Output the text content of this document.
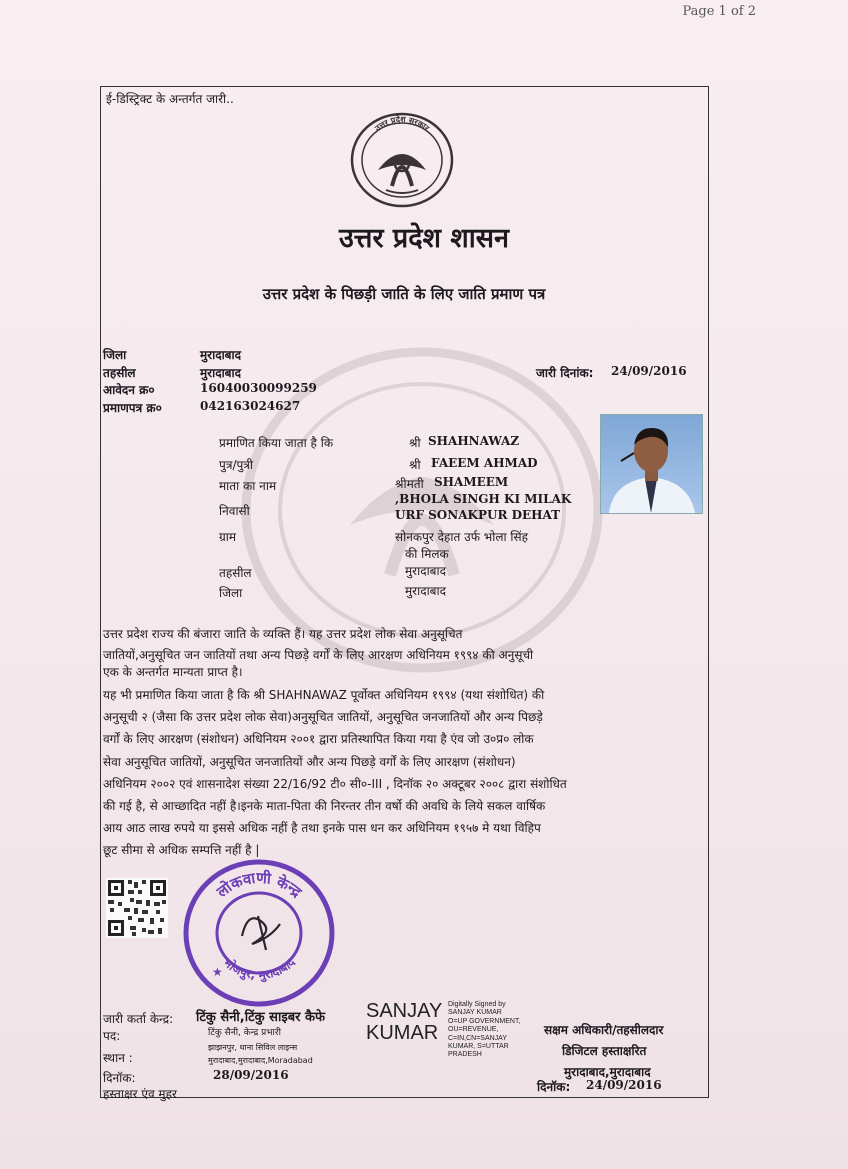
Page 1 of 2
ई-डिस्ट्रिक्ट के अन्तर्गत जारी..
उत्तर प्रदेश सरकार
उत्तर प्रदेश शासन
उत्तर प्रदेश के पिछड़ी जाति के लिए जाति प्रमाण पत्र
जिला	मुरादाबाद
तहसील	मुरादाबाद
आवेदन क्र०	16040030099259
प्रमाणपत्र क्र०	042163024627
जारी दिनांक: 24/09/2016
प्रमाणित किया जाता है कि	श्री SHAHNAWAZ
पुत्र/पुत्री	श्री FAEEM AHMAD
माता का नाम	श्रीमती SHAMEEM
,BHOLA SINGH KI MILAK
निवासी	URF SONAKPUR DEHAT
ग्राम	सोनकपुर देहात उर्फ भोला सिंह
की मिलक
तहसील	मुरादाबाद
जिला	मुरादाबाद
उत्तर प्रदेश राज्य की बंजारा जाति के व्यक्ति हैं। यह उत्तर प्रदेश लोक सेवा अनुसूचित
जातियों,अनुसूचित जन जातियों तथा अन्य पिछड़े वर्गों के लिए आरक्षण अधिनियम १९९४ की अनुसूची
एक के अन्तर्गत मान्यता प्राप्त है।
यह भी प्रमाणित किया जाता है कि श्री SHAHNAWAZ पूर्वोक्त अधिनियम १९९४ (यथा संशोधित) की
अनुसूची २ (जैसा कि उत्तर प्रदेश लोक सेवा)अनुसूचित जातियों, अनुसूचित जनजातियों और अन्य पिछड़े
वर्गों के लिए आरक्षण (संशोधन) अधिनियम २००१ द्वारा प्रतिस्थापित किया गया है एंव जो उ०प्र० लोक
सेवा अनुसूचित जातियों, अनुसूचित जनजातियों और अन्य पिछड़े वर्गों के लिए आरक्षण (संशोधन)
अधिनियम २००२ एवं शासनादेश संख्या 22/16/92 टी० सी०-III , दिनॉक २० अक्टूबर २००८ द्वारा संशोधित
की गई है, से आच्छादित नहीं है।इनके माता-पिता की निरन्तर तीन वर्षो की अवधि के लिये सकल वार्षिक
आय आठ लाख रुपये या इससे अधिक नहीं है तथा इनके पास धन कर अधिनियम १९५७ मे यथा विहिप
छूट सीमा से अधिक सम्पत्ति नहीं है |
लोकवाणी केन्द्र
भोजपुर, मुरादाबाद
★
जारी कर्ता केन्द्र: टिंकु सैनी,टिंकु साइबर कैफे
पद:	टिंकु सैनी, केन्द्र प्रभारी
स्थान :
झाझनपुर, थाना सिविल लाइन्स
मुरादाबाद,मुरादाबाद,Moradabad
दिनॉक:	28/09/2016
हस्ताक्षर एंव मुहर
SANJAY
KUMAR
Digitally Signed by
SANJAY KUMAR
O=UP GOVERNMENT,
OU=REVENUE,
C=IN,CN=SANJAY
KUMAR, S=UTTAR
PRADESH
सक्षम अधिकारी/तहसीलदार
डिजिटल हस्ताक्षरित
मुरादाबाद,मुरादाबाद
दिनॉक: 24/09/2016
